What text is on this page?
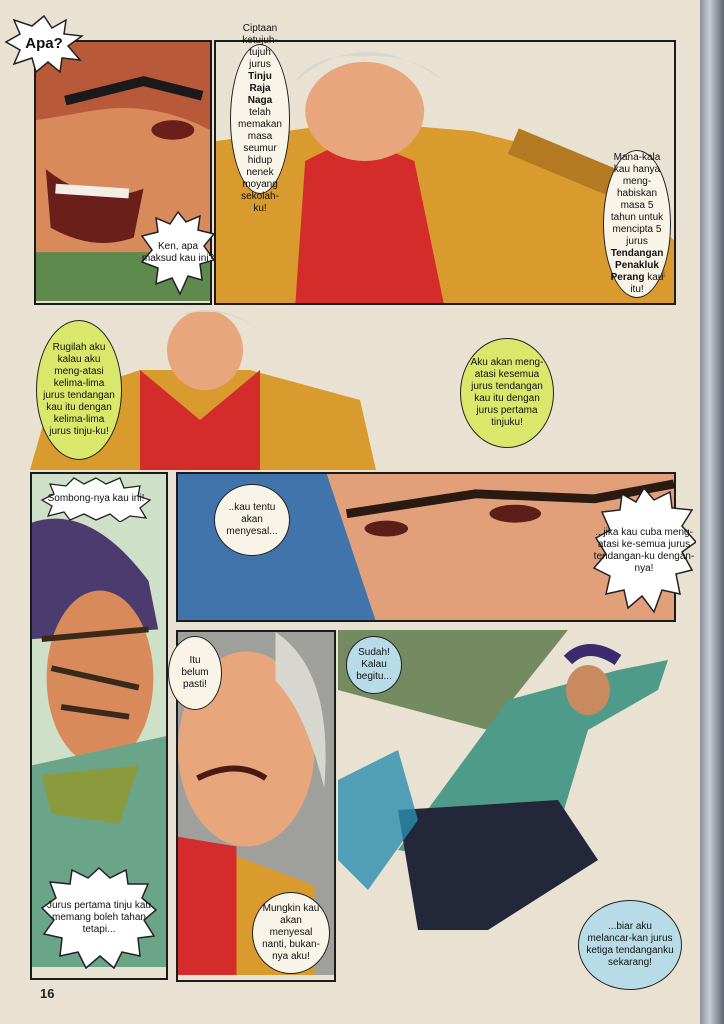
Apa?
Ciptaan ketujuh-tujuh jurus Tinju Raja Naga telah memakan masa seumur hidup nenek moyang sekolah-ku!
Ken, apa maksud kau ini?
Mana-kala kau hanya meng-habiskan masa 5 tahun untuk mencipta 5 jurus Tendangan Penakluk Perang kau itu!
Rugilah aku kalau aku meng-atasi kelima-lima jurus tendangan kau itu dengan kelima-lima jurus tinju-ku!
Aku akan meng-atasi kesemua jurus tendangan kau itu dengan jurus pertama tinjuku!
Sombong-nya kau ini!
..kau tentu akan menyesal...	...jika kau cuba meng-atasi ke-semua jurus tendangan-ku dengan-nya!
Itu belum pasti!
Sudah! Kalau begitu...
Jurus pertama tinju kau memang boleh tahan tetapi...
Mungkin kau akan menyesal nanti, bukan-nya aku!
...biar aku melancar-kan jurus ketiga tendanganku sekarang!
16
